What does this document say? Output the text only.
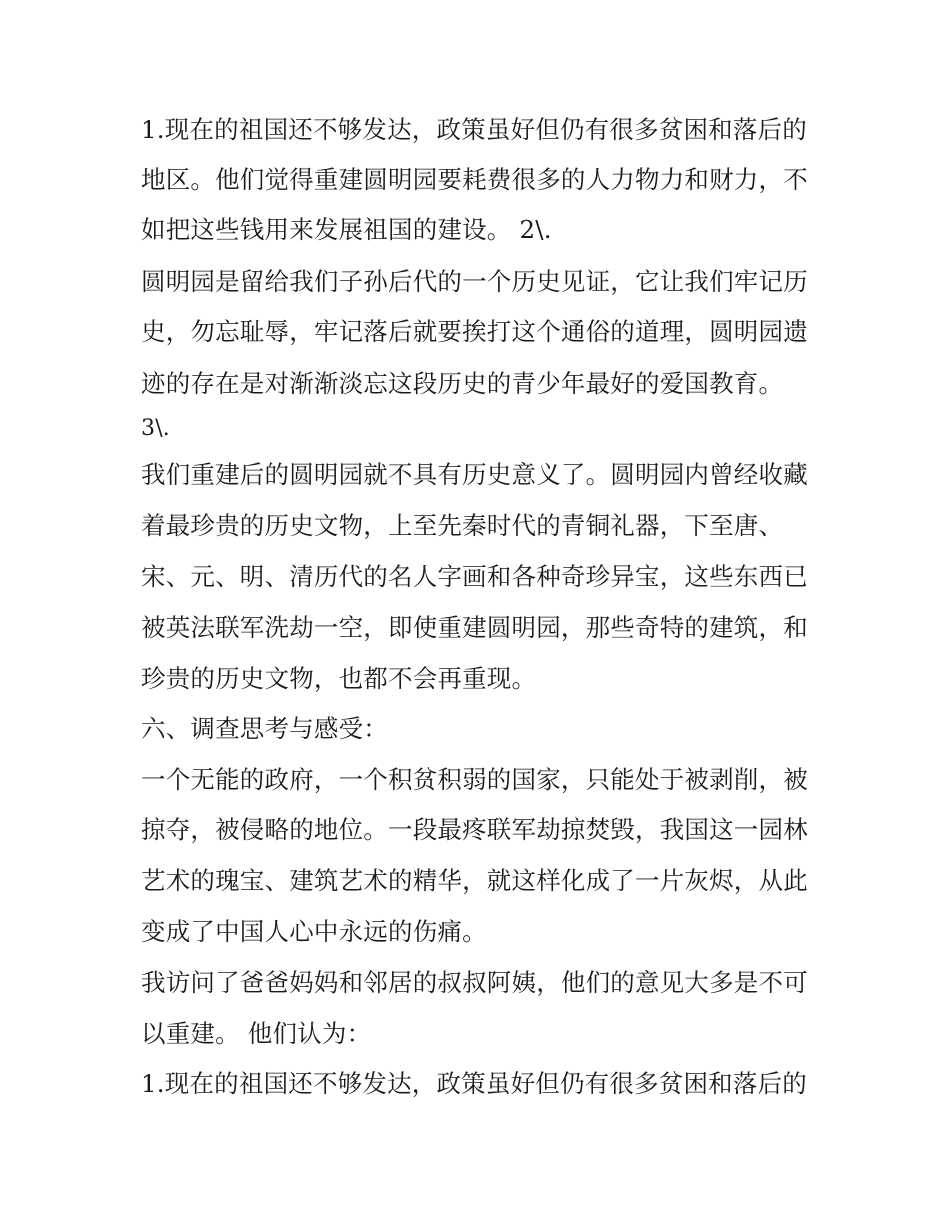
1.现在的祖国还不够发达，政策虽好但仍有很多贫困和落后的
地区。他们觉得重建圆明园要耗费很多的人力物力和财力，不
如把这些钱用来发展祖国的建设。 2\.
圆明园是留给我们子孙后代的一个历史见证，它让我们牢记历
史，勿忘耻辱，牢记落后就要挨打这个通俗的道理，圆明园遗
迹的存在是对渐渐淡忘这段历史的青少年最好的爱国教育。
3\.
我们重建后的圆明园就不具有历史意义了。圆明园内曾经收藏
着最珍贵的历史文物，上至先秦时代的青铜礼器，下至唐、
宋、元、明、清历代的名人字画和各种奇珍异宝，这些东西已
被英法联军洗劫一空，即使重建圆明园，那些奇特的建筑，和
珍贵的历史文物，也都不会再重现。
六、调查思考与感受：
一个无能的政府，一个积贫积弱的国家，只能处于被剥削，被
掠夺，被侵略的地位。一段最疼联军劫掠焚毁，我国这一园林
艺术的瑰宝、建筑艺术的精华，就这样化成了一片灰烬，从此
变成了中国人心中永远的伤痛。
我访问了爸爸妈妈和邻居的叔叔阿姨，他们的意见大多是不可
以重建。 他们认为：
1.现在的祖国还不够发达，政策虽好但仍有很多贫困和落后的
